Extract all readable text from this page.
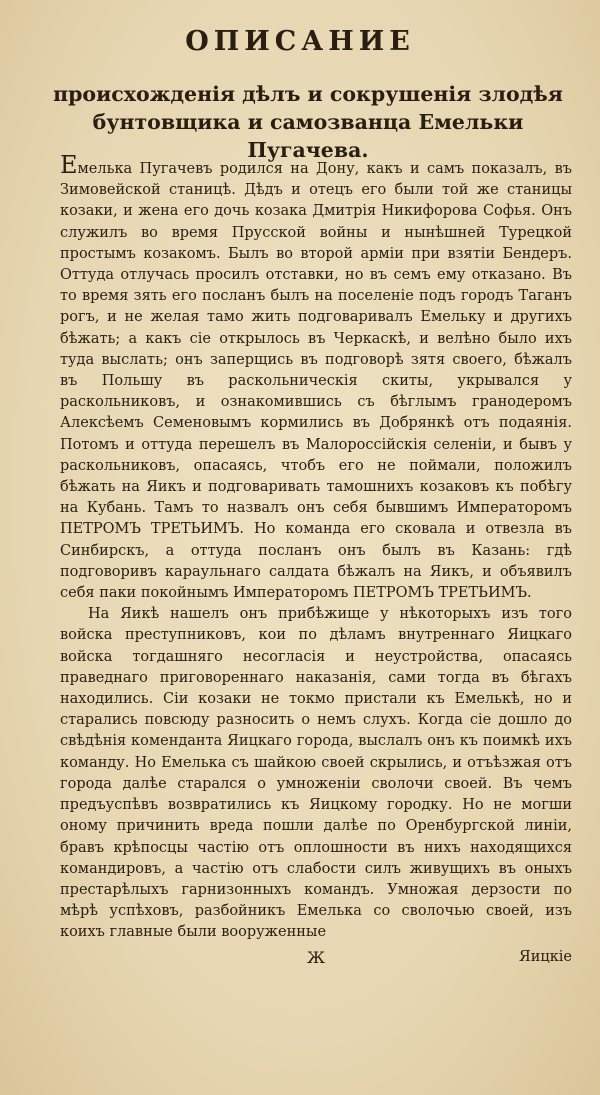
ОПИСАНИЕ
происхожденія дѣлъ и сокрушенія злодѣя бунтовщика и самозванца Емельки Пугачева.

Емелька Пугачевъ родился на Дону, какъ и самъ показалъ, въ Зимовейской станицѣ. Дѣдъ и отецъ его были той же станицы козаки, и жена его дочь козака Дмитрія Никифорова Софья. Онъ служилъ во время Прусской войны и нынѣшней Турецкой простымъ козакомъ. Былъ во второй арміи при взятіи Бендеръ. Оттуда отлучась просилъ отставки, но въ семъ ему отказано. Въ то время зять его посланъ былъ на поселеніе подъ городъ Таганъ рогъ, и не желая тамо жить подговаривалъ Емельку и другихъ бѣжать; а какъ сіе открылось въ Черкаскѣ, и велѣно было ихъ туда выслать; онъ заперщись въ подговорѣ зятя своего, бѣжалъ въ Польшу въ раскольническія скиты, укрывался у раскольниковъ, и ознакомившись съ бѣглымъ гранодеромъ Алексѣемъ Семеновымъ кормились въ Добрянкѣ отъ подаянія. Потомъ и оттуда перешелъ въ Малороссійскія селеніи, и бывъ у раскольниковъ, опасаясь, чтобъ его не поймали, положилъ бѣжать на Яикъ и подговаривать тамошнихъ козаковъ къ побѣгу на Кубань. Тамъ то назвалъ онъ себя бывшимъ Императоромъ ПЕТРОМЪ ТРЕТЬИМЪ. Но команда его сковала и отвезла въ Синбирскъ, а оттуда посланъ онъ былъ въ Казань: гдѣ подговоривъ караульнаго салдата бѣжалъ на Яикъ, и объявилъ себя паки покойнымъ Императоромъ ПЕТРОМЪ ТРЕТЬИМЪ.

На Яикѣ нашелъ онъ прибѣжище у нѣкоторыхъ изъ того войска преступниковъ, кои по дѣламъ внутреннаго Яицкаго войска тогдашняго несогласія и неустройства, опасаясь праведнаго приговореннаго наказанія, сами тогда въ бѣгахъ находились. Сіи козаки не токмо пристали къ Емелькѣ, но и старались повсюду разносить о немъ слухъ. Когда сіе дошло до свѣдѣнія коменданта Яицкаго города, выслалъ онъ къ поимкѣ ихъ команду. Но Емелька съ шайкою своей скрылись, и отъѣзжая отъ города далѣе старался о умноженіи сволочи своей. Въ чемъ предъуспѣвъ возвратились къ Яицкому городку. Но не могши оному причинить вреда пошли далѣе по Оренбургской линіи, бравъ крѣпосцы частію отъ оплошности въ нихъ находящихся командировъ, а частію отъ слабости силъ живущихъ въ оныхъ престарѣлыхъ гарнизонныхъ командъ. Умножая дерзости по мѣрѣ успѣховъ, разбойникъ Емелька со сволочью своей, изъ коихъ главные были вооруженные

Ж	Яицкіе
